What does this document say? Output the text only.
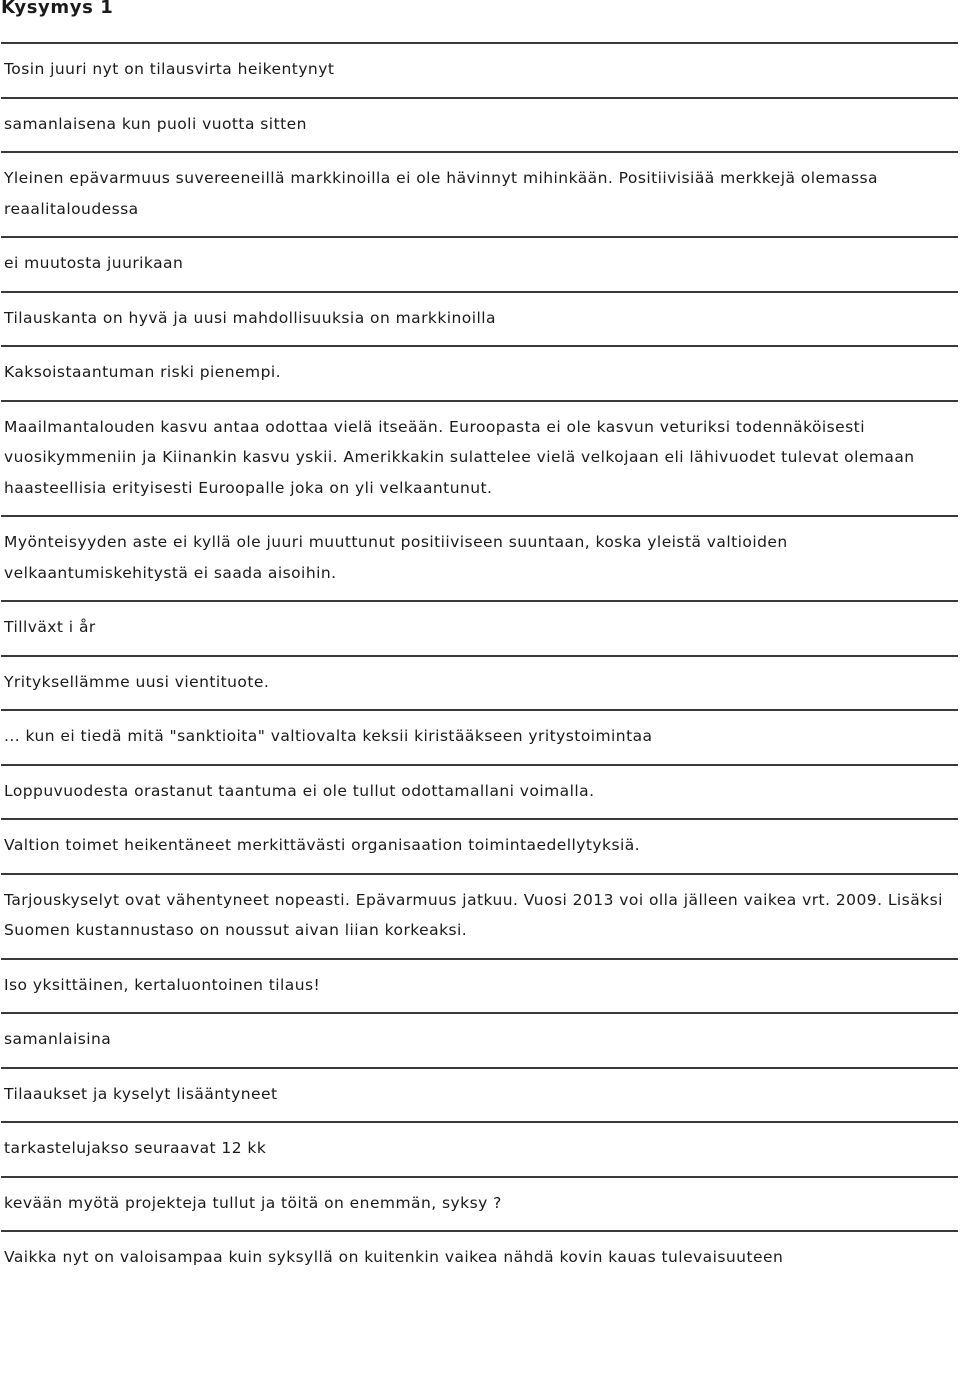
Kysymys 1
Tosin juuri nyt on tilausvirta heikentynyt
samanlaisena kun puoli vuotta sitten
Yleinen epävarmuus suvereeneillä markkinoilla ei ole hävinnyt mihinkään. Positiivisiää merkkejä olemassa reaalitaloudessa
ei muutosta juurikaan
Tilauskanta on hyvä ja uusi mahdollisuuksia on markkinoilla
Kaksoistaantuman riski pienempi.
Maailmantalouden kasvu antaa odottaa vielä itseään. Euroopasta ei ole kasvun veturiksi todennäköisesti vuosikymmeniin ja Kiinankin kasvu yskii. Amerikkakin sulattelee vielä velkojaan eli lähivuodet tulevat olemaan haasteellisia erityisesti Euroopalle joka on yli velkaantunut.
Myönteisyyden aste ei kyllä ole juuri muuttunut positiiviseen suuntaan, koska yleistä valtioiden velkaantumiskehitystä ei saada aisoihin.
Tillväxt i år
Yrityksellämme uusi vientituote.
... kun ei tiedä mitä "sanktioita" valtiovalta keksii kiristääkseen yritystoimintaa
Loppuvuodesta orastanut taantuma ei ole tullut odottamallani voimalla.
Valtion toimet heikentäneet merkittävästi organisaation toimintaedellytyksiä.
Tarjouskyselyt ovat vähentyneet nopeasti. Epävarmuus jatkuu. Vuosi 2013 voi olla jälleen vaikea vrt. 2009. Lisäksi Suomen kustannustaso on noussut aivan liian korkeaksi.
Iso yksittäinen, kertaluontoinen tilaus!
samanlaisina
Tilaaukset ja kyselyt lisääntyneet
tarkastelujakso seuraavat 12 kk
kevään myötä projekteja tullut ja töitä on enemmän, syksy ?
Vaikka nyt on valoisampaa kuin syksyllä on kuitenkin vaikea nähdä kovin kauas tulevaisuuteen
